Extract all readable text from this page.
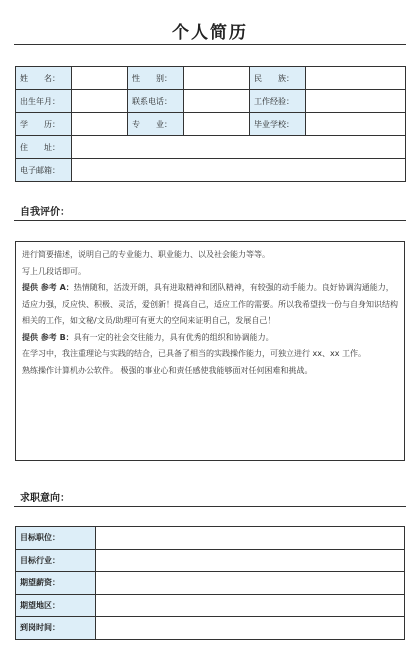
个人简历
姓　　名：		性　　别：		民　　族：	
出生年月：		联系电话：		工作经验：	
学　　历：		专　　业：		毕业学校：	
住　　址：					
电子邮箱：					
自我评价：

进行简要描述，说明自己的专业能力、职业能力、以及社会能力等等。

写上几段话即可。

提供 参考 A：热情随和，活泼开朗，具有进取精神和团队精神，有较强的动手能力。良好协调沟通能力，适应力强，反应快、积极、灵活，爱创新！提高自己，适应工作的需要。所以我希望找一份与自身知识结构相关的工作，如文秘/文员/助理可有更大的空间来证明自己，发展自己！

提供 参考 B：具有一定的社会交往能力，具有优秀的组织和协调能力。

在学习中，我注重理论与实践的结合，已具备了相当的实践操作能力，可独立进行 xx、xx 工作。

熟练操作计算机办公软件。 极强的事业心和责任感使我能够面对任何困难和挑战。

求职意向：
目标职位：	
目标行业：	
期望薪资：	
期望地区：	
到岗时间：	
